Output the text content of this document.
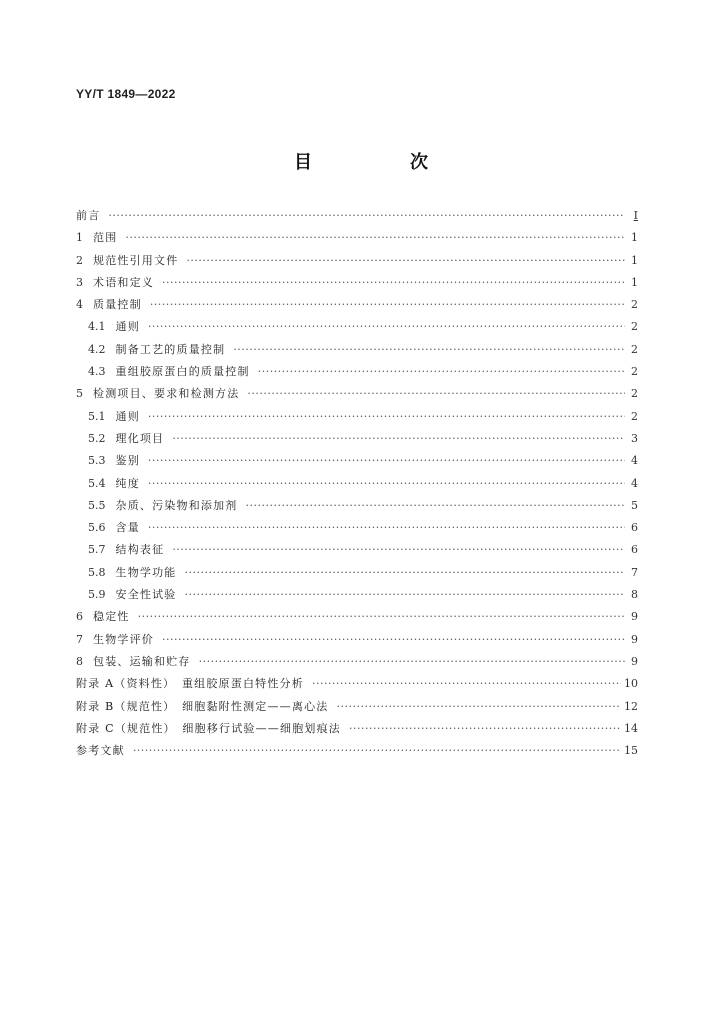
YY/T 1849—2022
目　次
前言 ·····	Ⅰ
1 范围 ·····	1
2 规范性引用文件 ·····	1
3 术语和定义 ·····	1
4 质量控制 ·····	2
4.1 通则 ·····	2
4.2 制备工艺的质量控制 ·····	2
4.3 重组胶原蛋白的质量控制 ·····	2
5 检测项目、要求和检测方法 ·····	2
5.1 通则 ·····	2
5.2 理化项目 ·····	3
5.3 鉴别 ·····	4
5.4 纯度 ·····	4
5.5 杂质、污染物和添加剂 ·····	5
5.6 含量 ·····	6
5.7 结构表征 ·····	6
5.8 生物学功能 ·····	7
5.9 安全性试验 ·····	8
6 稳定性 ·····	9
7 生物学评价 ·····	9
8 包装、运输和贮存 ·····	9
附录 A（资料性）　重组胶原蛋白特性分析 ·····	10
附录 B（规范性）　细胞黏附性测定——离心法 ·····	12
附录 C（规范性）　细胞移行试验——细胞划痕法 ·····	14
参考文献 ·····	15
